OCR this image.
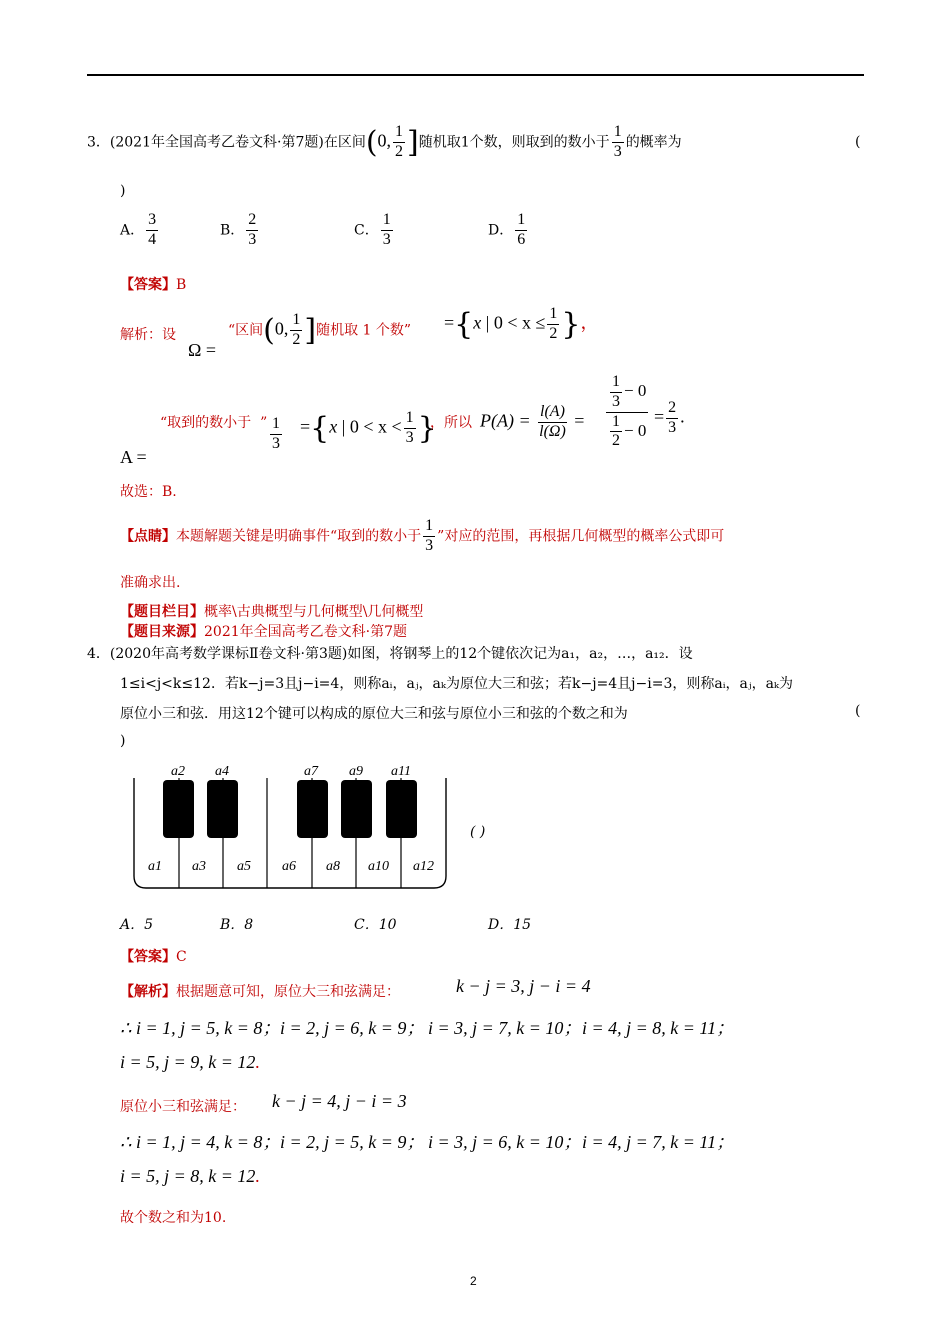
3．(2021年全国高考乙卷文科·第7题)在区间(0, $\frac{1}{2}$ ]随机取1个数，则取到的数小于 $\frac{1}{3}$ 的概率为	(
)
A． $\frac{3}{4}$	B． $\frac{2}{3}$	C． $\frac{1}{3}$	D． $\frac{1}{6}$
【答案】B
解析：设
Ω =
“区间(0, $\frac{1}{2}$ ]随机取 1 个数” ={x | $0 < x \le \frac{1}{2}$ }，
“取到的数小于 ”
A =
$\frac{1}{3} =\{x$ | $0 < x < \frac{1}{3}$ }
，所以 $P(A) = \frac{l(A)}{l(\Omega)} = \frac{\frac{1}{3} - 0}{\frac{1}{2} - 0} = \frac{2}{3}$ .
故选：B.
【点睛】本题解题关键是明确事件“取到的数小于 $\frac{1}{3}$ ”对应的范围，再根据几何概型的概率公式即可
准确求出.
【题目栏目】概率\古典概型与几何概型\几何概型
【题目来源】2021年全国高考乙卷文科·第7题
4．(2020年高考数学课标Ⅱ卷文科·第3题)如图，将钢琴上的12个键依次记为a₁，a₂，…，a₁₂．设
1≤i<j<k≤12．若k−j=3且j−i=4，则称aᵢ，aⱼ，aₖ为原位大三和弦；若k−j=4且j−i=3，则称aᵢ，aⱼ，aₖ为
原位小三和弦．用这12个键可以构成的原位大三和弦与原位小三和弦的个数之和为	(
)
a2 a4	a7 a9 a11
a1 a3 a5 a6 a8 a10 a12
( )
A．5	B．8	C．10	D．15
【答案】C
【解析】根据题意可知，原位大三和弦满足：	k − j = 3, j − i = 4
∴ i = 1, j = 5, k = 8； i = 2, j = 6, k = 9； i = 3, j = 7, k = 10； i = 4, j = 8, k = 11；
i = 5, j = 9, k = 12.
原位小三和弦满足： k − j = 4, j − i = 3
∴ i = 1, j = 4, k = 8； i = 2, j = 5, k = 9； i = 3, j = 6, k = 10； i = 4, j = 7, k = 11；
i = 5, j = 8, k = 12.
故个数之和为10.
2
